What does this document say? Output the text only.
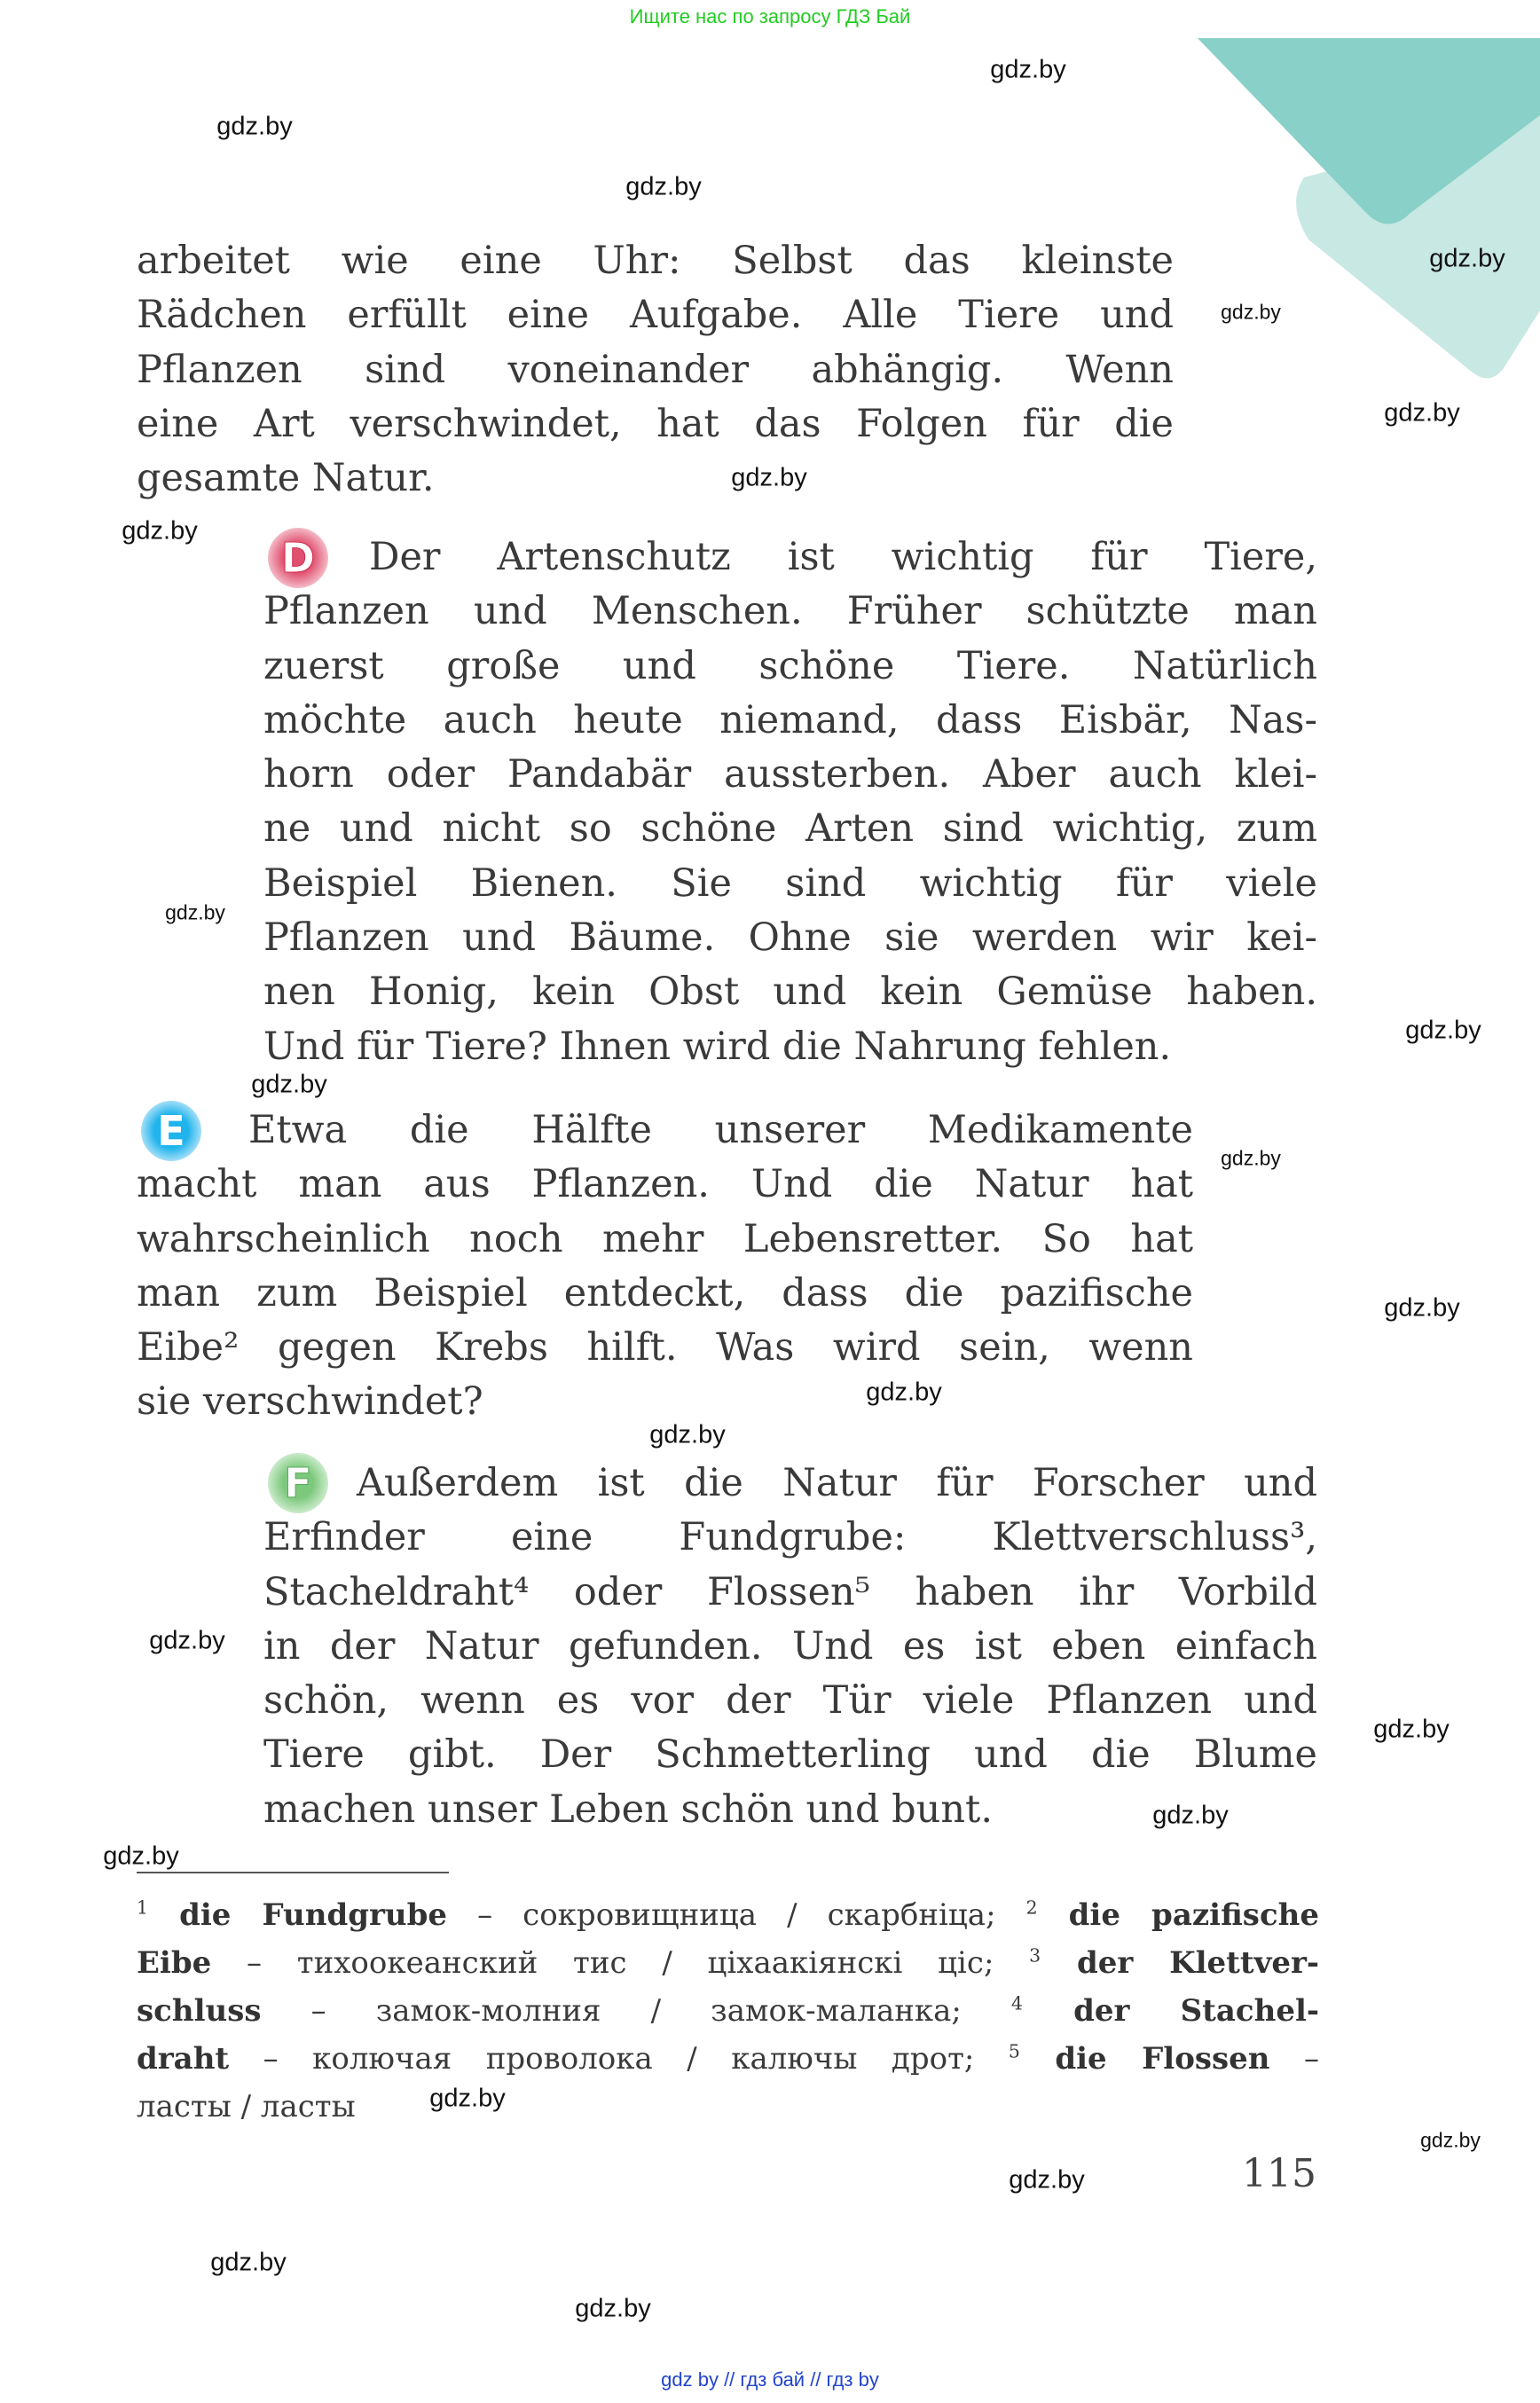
Ищите нас по запросу ГДЗ Бай
arbeitet wie eine Uhr: Selbst das kleinste
Rädchen erfüllt eine Aufgabe. Alle Tiere und
Pflanzen sind voneinander abhängig. Wenn
eine Art verschwindet, hat das Folgen für die
gesamte Natur.
D	Der Artenschutz ist wichtig für Tiere,
Pflanzen und Menschen. Früher schützte man
zuerst große und schöne Tiere. Natürlich
möchte auch heute niemand, dass Eisbär, Nas-
horn oder Pandabär aussterben. Aber auch klei-
ne und nicht so schöne Arten sind wichtig, zum
Beispiel Bienen. Sie sind wichtig für viele
Pflanzen und Bäume. Ohne sie werden wir kei-
nen Honig, kein Obst und kein Gemüse haben.
Und für Tiere? Ihnen wird die Nahrung fehlen.
E	Etwa die Hälfte unserer Medikamente
macht man aus Pflanzen. Und die Natur hat
wahrscheinlich noch mehr Lebensretter. So hat
man zum Beispiel entdeckt, dass die pazifische
Eibe² gegen Krebs hilft. Was wird sein, wenn
sie verschwindet?
F	Außerdem ist die Natur für Forscher und
Erfinder eine Fundgrube: Klettverschluss³,
Stacheldraht⁴ oder Flossen⁵ haben ihr Vorbild
in der Natur gefunden. Und es ist eben einfach
schön, wenn es vor der Tür viele Pflanzen und
Tiere gibt. Der Schmetterling und die Blume
machen unser Leben schön und bunt.
$^1$ die Fundgrube – сокровищница / скарбніца; $^2$ die pazifische
Eibe – тихоокеанский тис / ціхаакіянскі ціс; $^3$ der Klettver-
schluss – замок-молния / замок-маланка; $^4$ der Stachel-
draht – колючая проволока / калючы дрот; $^5$ die Flossen –
ласты / ласты
115
gdz by // гдз бай // гдз by
gdz.by
gdz.by
gdz.by
gdz.by
gdz.by
gdz.by
gdz.by
gdz.by
gdz.by
gdz.by
gdz.by
gdz.by
gdz.by
gdz.by
gdz.by
gdz.by
gdz.by
gdz.by
gdz.by
gdz.by
gdz.by
gdz.by
gdz.by
gdz.by
